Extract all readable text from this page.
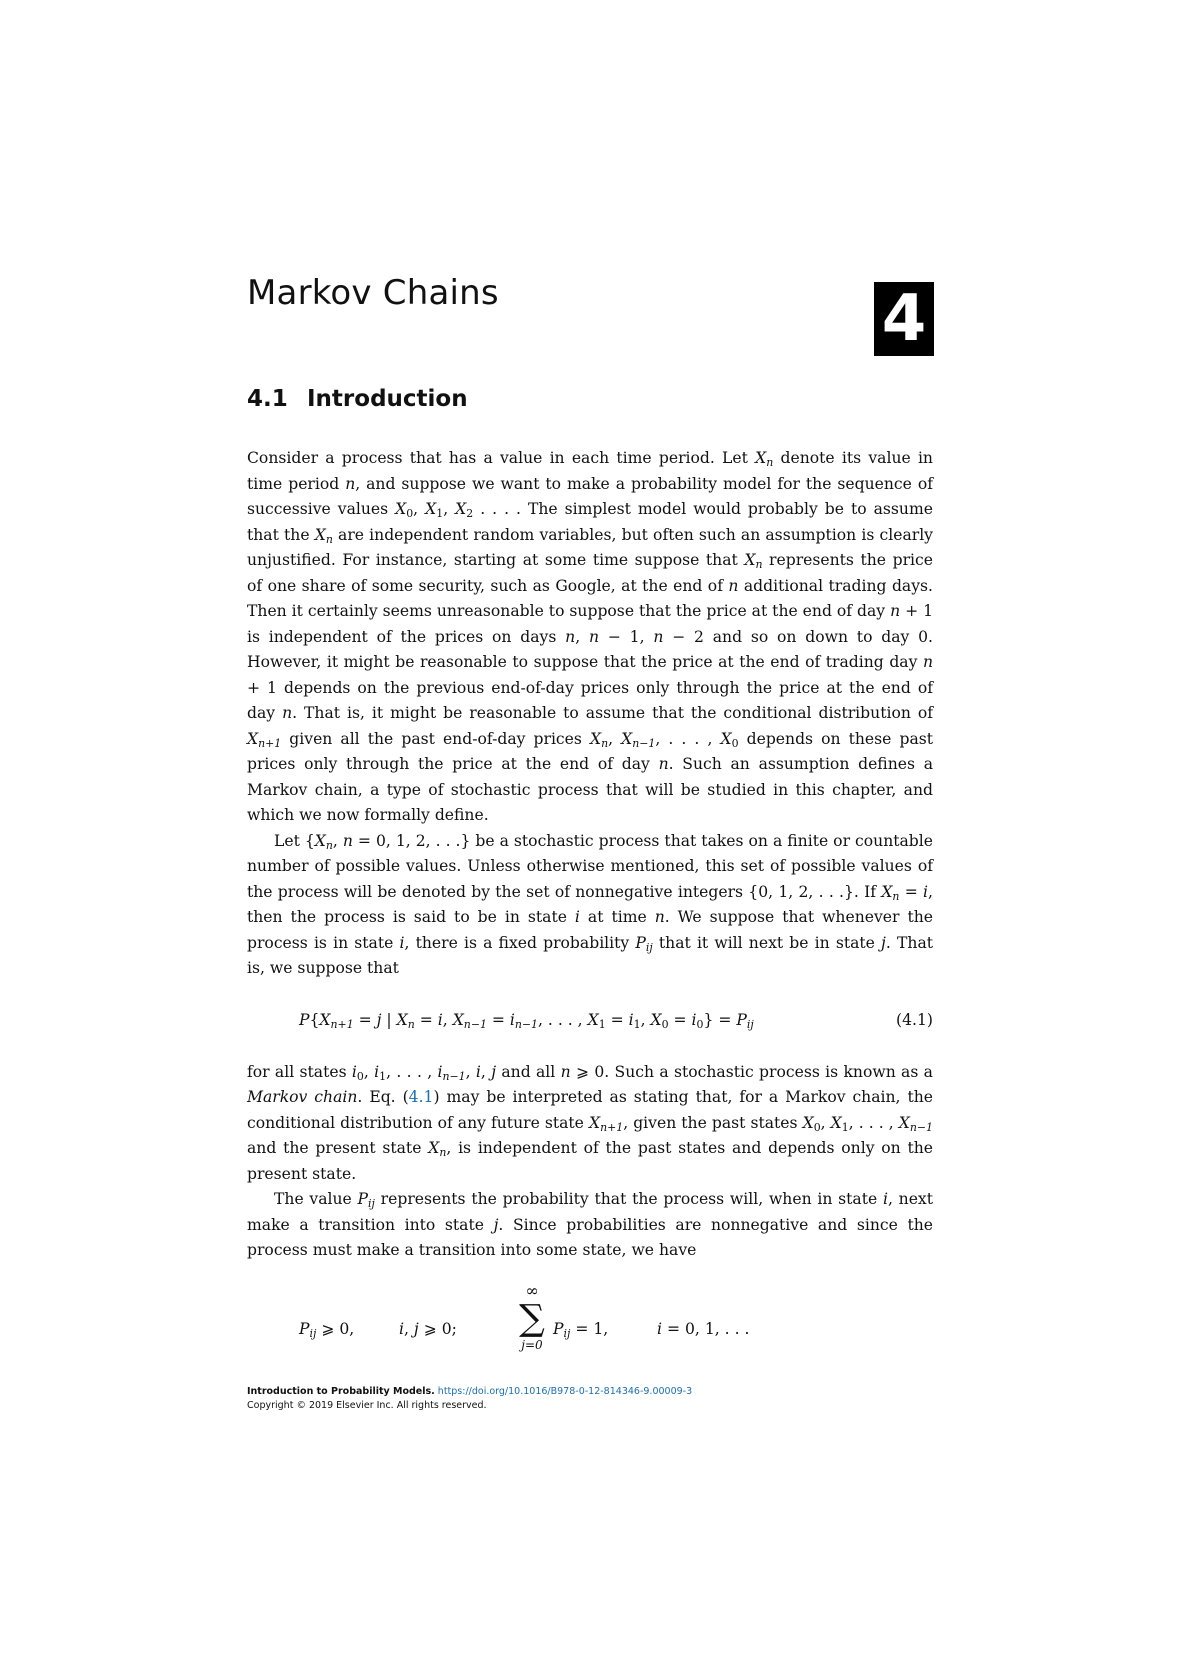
Markov Chains	4
4.1 Introduction

Consider a process that has a value in each time period. Let $X_n$ denote its value in time period n, and suppose we want to make a probability model for the sequence of successive values $X_0$, $X_1$, $X_2$ . . . . The simplest model would probably be to assume that the $X_n$ are independent random variables, but often such an assumption is clearly unjustified. For instance, starting at some time suppose that $X_n$ represents the price of one share of some security, such as Google, at the end of n additional trading days. Then it certainly seems unreasonable to suppose that the price at the end of day n + 1 is independent of the prices on days n, n − 1, n − 2 and so on down to day 0. However, it might be reasonable to suppose that the price at the end of trading day n + 1 depends on the previous end-of-day prices only through the price at the end of day n. That is, it might be reasonable to assume that the conditional distribution of $X_{n+1}$ given all the past end-of-day prices $X_n$, $X_{n-1}$, . . . , $X_0$ depends on these past prices only through the price at the end of day n. Such an assumption defines a Markov chain, a type of stochastic process that will be studied in this chapter, and which we now formally define.

Let {$X_n$, n = 0, 1, 2, . . .} be a stochastic process that takes on a finite or countable number of possible values. Unless otherwise mentioned, this set of possible values of the process will be denoted by the set of nonnegative integers {0, 1, 2, . . .}. If $X_n = i$, then the process is said to be in state i at time n. We suppose that whenever the process is in state i, there is a fixed probability $P_{ij}$ that it will next be in state j. That is, we suppose that

$P\{X_{n+1} = j$ | $X_n = i$, $X_{n-1} = i_{n-1}$, . . . , $X_1 = i_1$, $X_0 = i_0\} = P_{ij}$	(4.1)

for all states $i_0$, $i_1$, . . . , $i_{n-1}$, i, j and all n ⩾ 0. Such a stochastic process is known as a Markov chain. Eq. (4.1) may be interpreted as stating that, for a Markov chain, the conditional distribution of any future state $X_{n+1}$, given the past states $X_0$, $X_1$, . . . , $X_{n-1}$ and the present state $X_n$, is independent of the past states and depends only on the present state.

The value $P_{ij}$ represents the probability that the process will, when in state i, next make a transition into state j. Since probabilities are nonnegative and since the process must make a transition into some state, we have

$P_{ij}$ ⩾ 0,	i, j ⩾ 0;
∞
∑
j=0
$P_{ij} = 1$,	i = 0, 1, . . .
Introduction to Probability Models. https://doi.org/10.1016/B978-0-12-814346-9.00009-3
Copyright © 2019 Elsevier Inc. All rights reserved.
